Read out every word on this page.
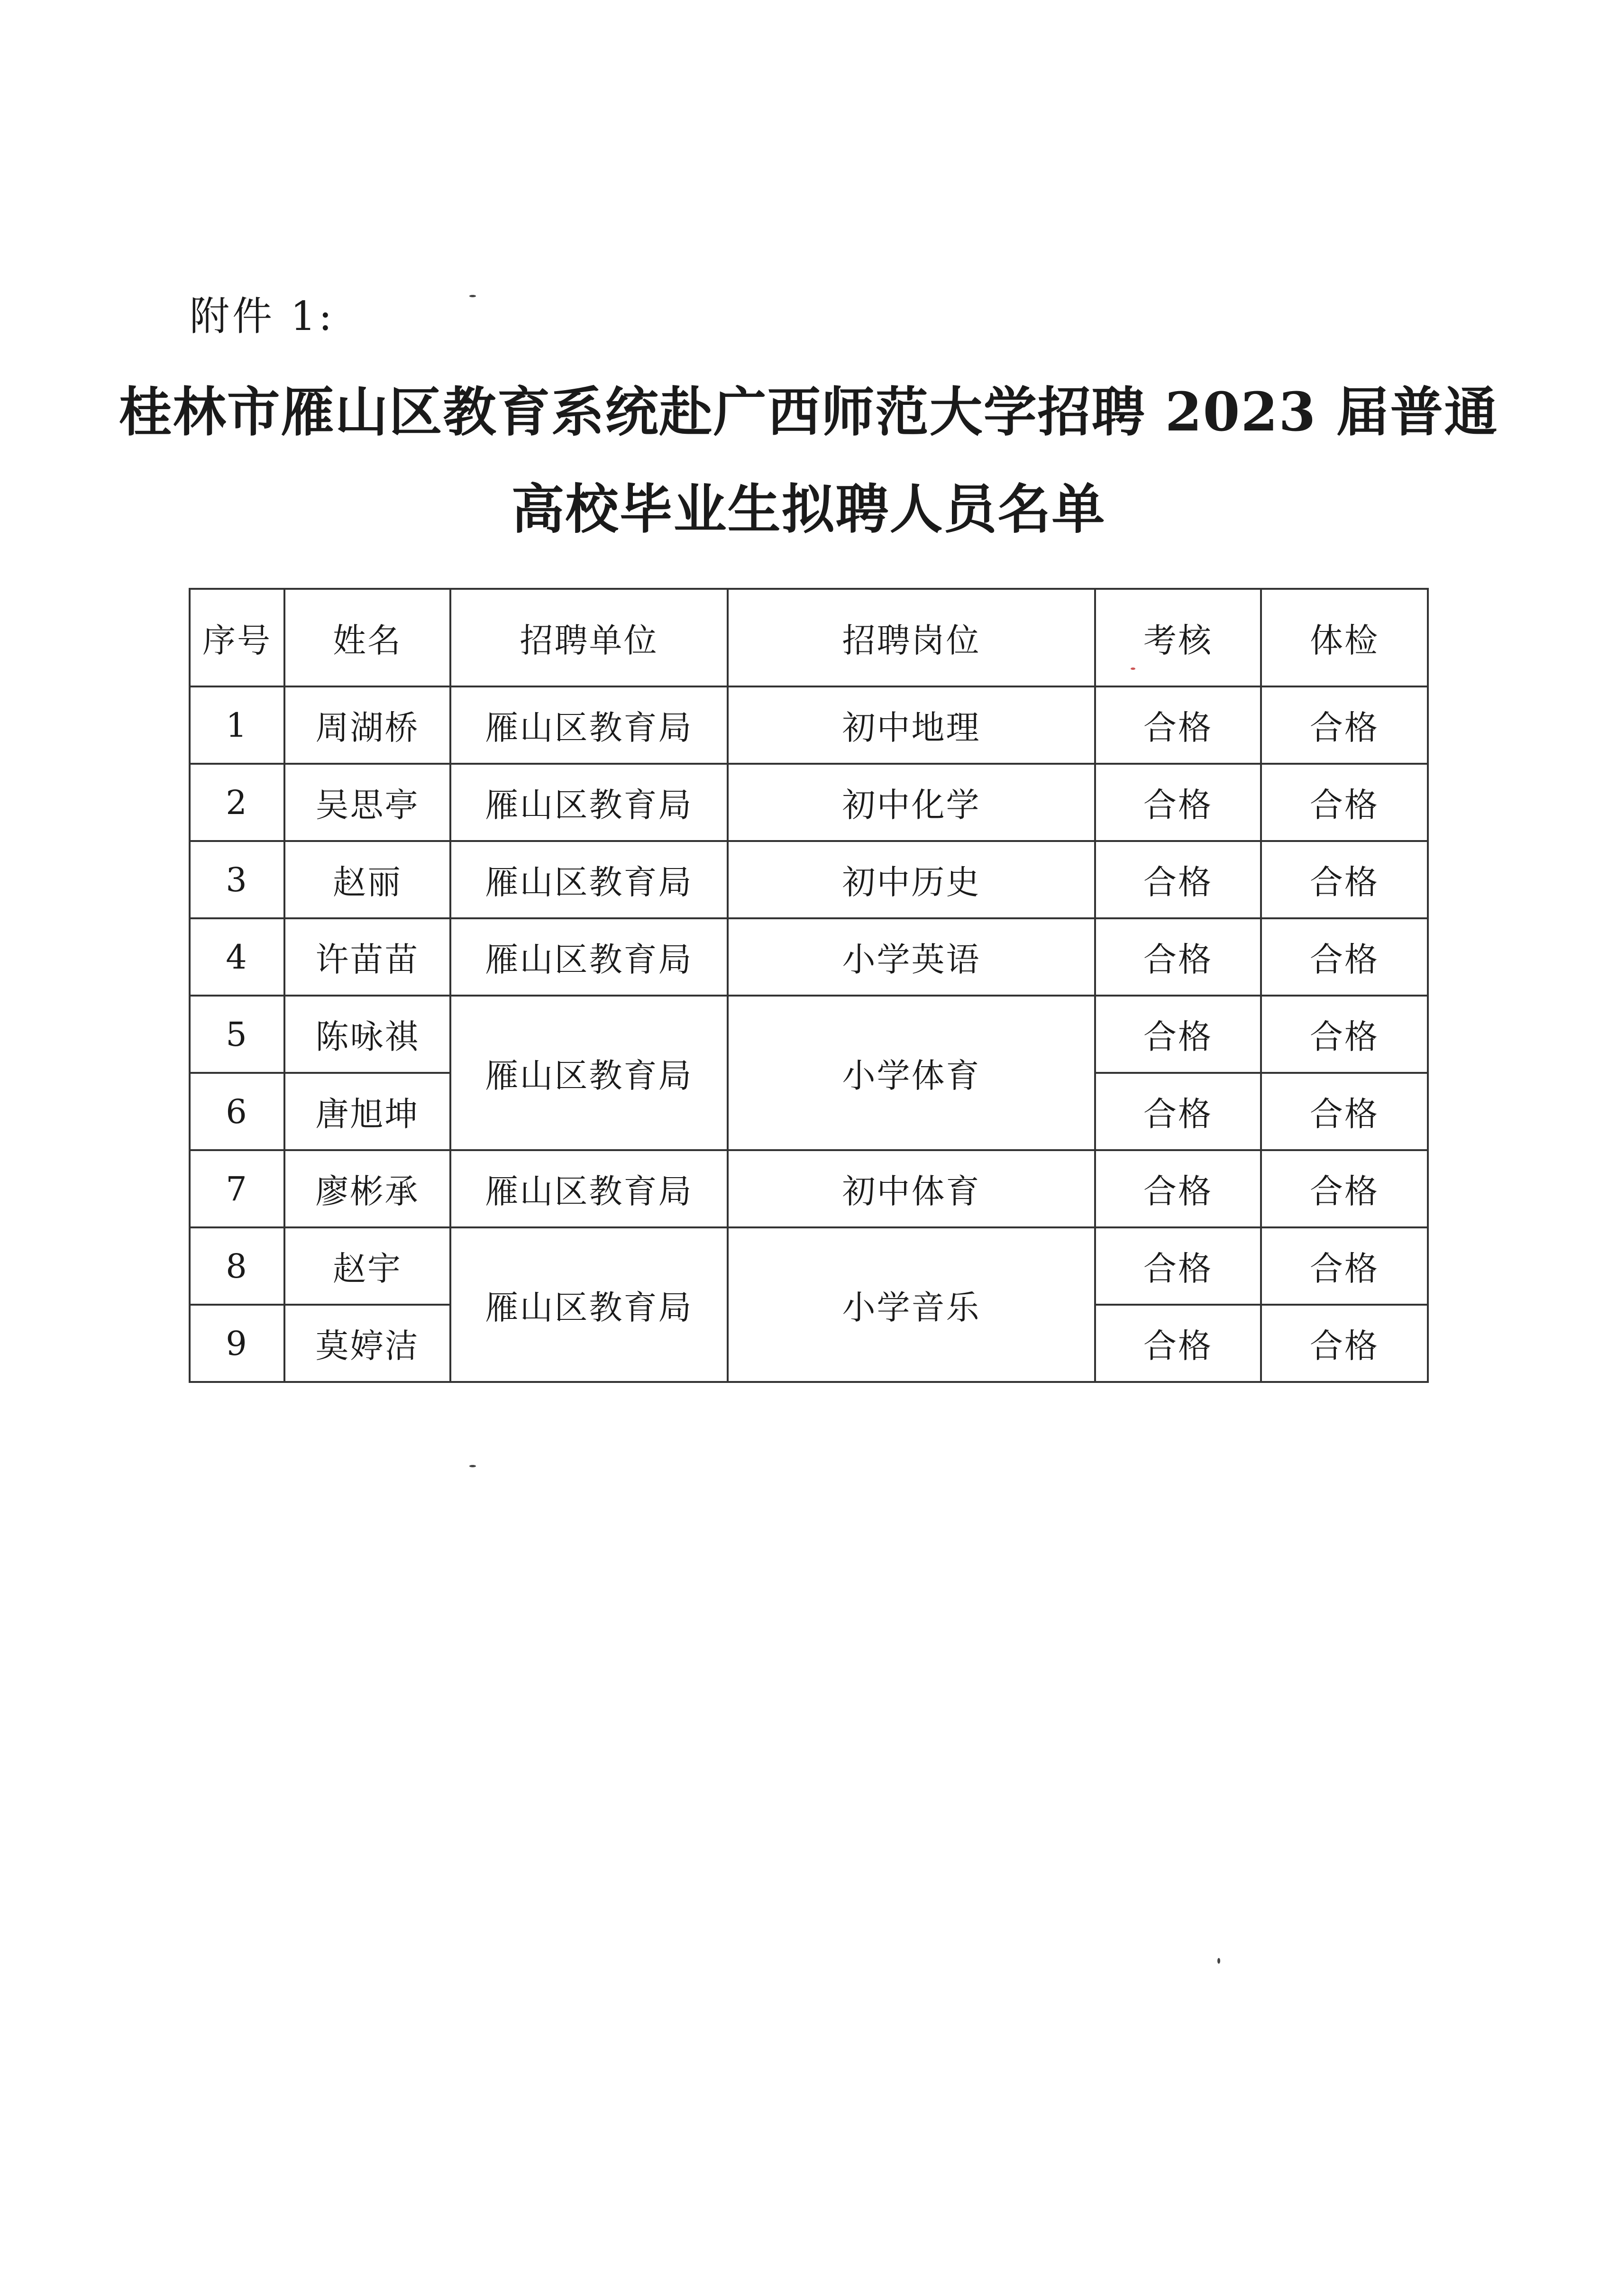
附件 1:
桂林市雁山区教育系统赴广西师范大学招聘 2023 届普通
高校毕业生拟聘人员名单
序号	姓名	招聘单位	招聘岗位	考核	体检
1	周湖桥	雁山区教育局	初中地理	合格	合格
2	吴思亭	雁山区教育局	初中化学	合格	合格
3	赵丽	雁山区教育局	初中历史	合格	合格
4	许苗苗	雁山区教育局	小学英语	合格	合格
5	陈咏祺	雁山区教育局	小学体育	合格	合格
6	唐旭坤			合格	合格
7	廖彬承	雁山区教育局	初中体育	合格	合格
8	赵宇	雁山区教育局	小学音乐	合格	合格
9	莫婷洁			合格	合格
